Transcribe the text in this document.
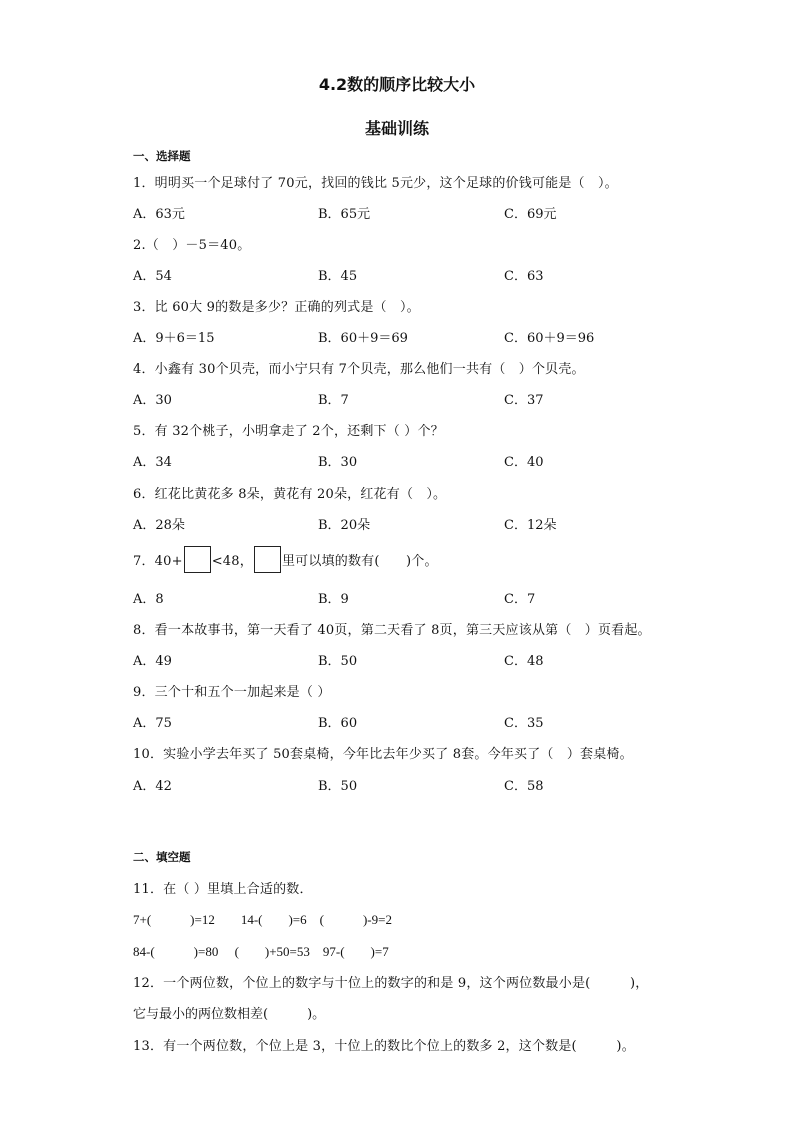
4.2数的顺序比较大小
基础训练
一、选择题
1．明明买一个足球付了 70元，找回的钱比 5元少，这个足球的价钱可能是（　）。
A．63元	B．65元	C．69元
2.（　）－5＝40。
A．54	B．45	C．63
3．比 60大 9的数是多少？正确的列式是（　）。
A．9＋6＝15	B．60＋9＝69	C．60＋9＝96
4．小鑫有 30个贝壳，而小宁只有 7个贝壳，那么他们一共有（　）个贝壳。
A．30	B．7	C．37
5．有 32个桃子，小明拿走了 2个，还剩下（ ）个？
A．34	B．30	C．40
6．红花比黄花多 8朵，黄花有 20朵，红花有（　）。
A．28朵	B．20朵	C．12朵
7．40+ <48， 里可以填的数有(　　)个。
A．8	B．9	C．7
8．看一本故事书，第一天看了 40页，第二天看了 8页，第三天应该从第（　）页看起。
A．49	B．50	C．48
9．三个十和五个一加起来是（ ）
A．75	B．60	C．35
10．实验小学去年买了 50套桌椅，今年比去年少买了 8套。今年买了（　）套桌椅。
A．42	B．50	C．58
二、填空题
11．在（ ）里填上合适的数．
7+(　　　)=12　　14-(　　)=6　(　　　)-9=2
84-(　　　)=80　 (　　)+50=53　97-(　　)=7
12．一个两位数，个位上的数字与十位上的数字的和是 9，这个两位数最小是(　　　)，
它与最小的两位数相差(　　　)。
13．有一个两位数，个位上是 3，十位上的数比个位上的数多 2，这个数是(　　　)。
